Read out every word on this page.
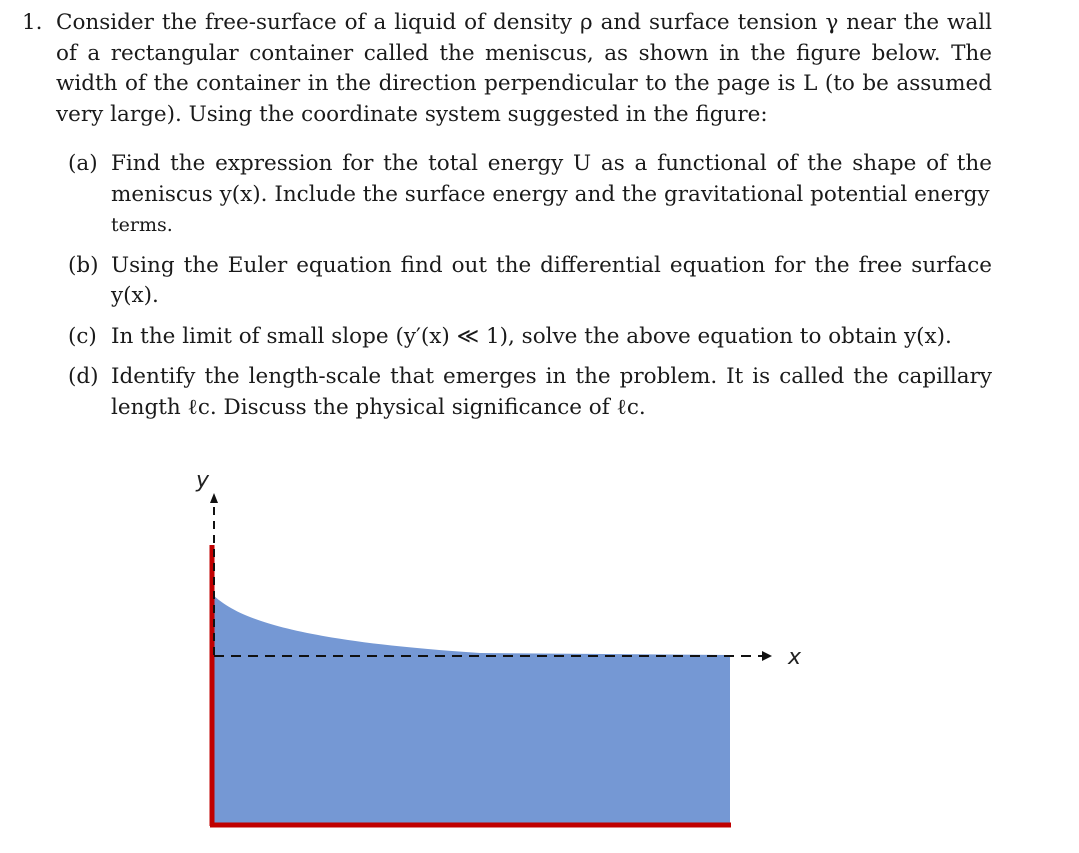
1. Consider the free-surface of a liquid of density ρ and surface tension γ near the wall of a rectangular container called the meniscus, as shown in the figure below. The width of the container in the direction perpendicular to the page is L (to be assumed very large). Using the coordinate system suggested in the figure:
(a) Find the expression for the total energy U as a functional of the shape of the meniscus y(x). Include the surface energy and the gravitational potential energy
terms.
(b) Using the Euler equation find out the differential equation for the free surface y(x).
(c) In the limit of small slope (y′(x) ≪ 1), solve the above equation to obtain y(x).
(d) Identify the length-scale that emerges in the problem. It is called the capillary length ℓc. Discuss the physical significance of ℓc.
y
x
